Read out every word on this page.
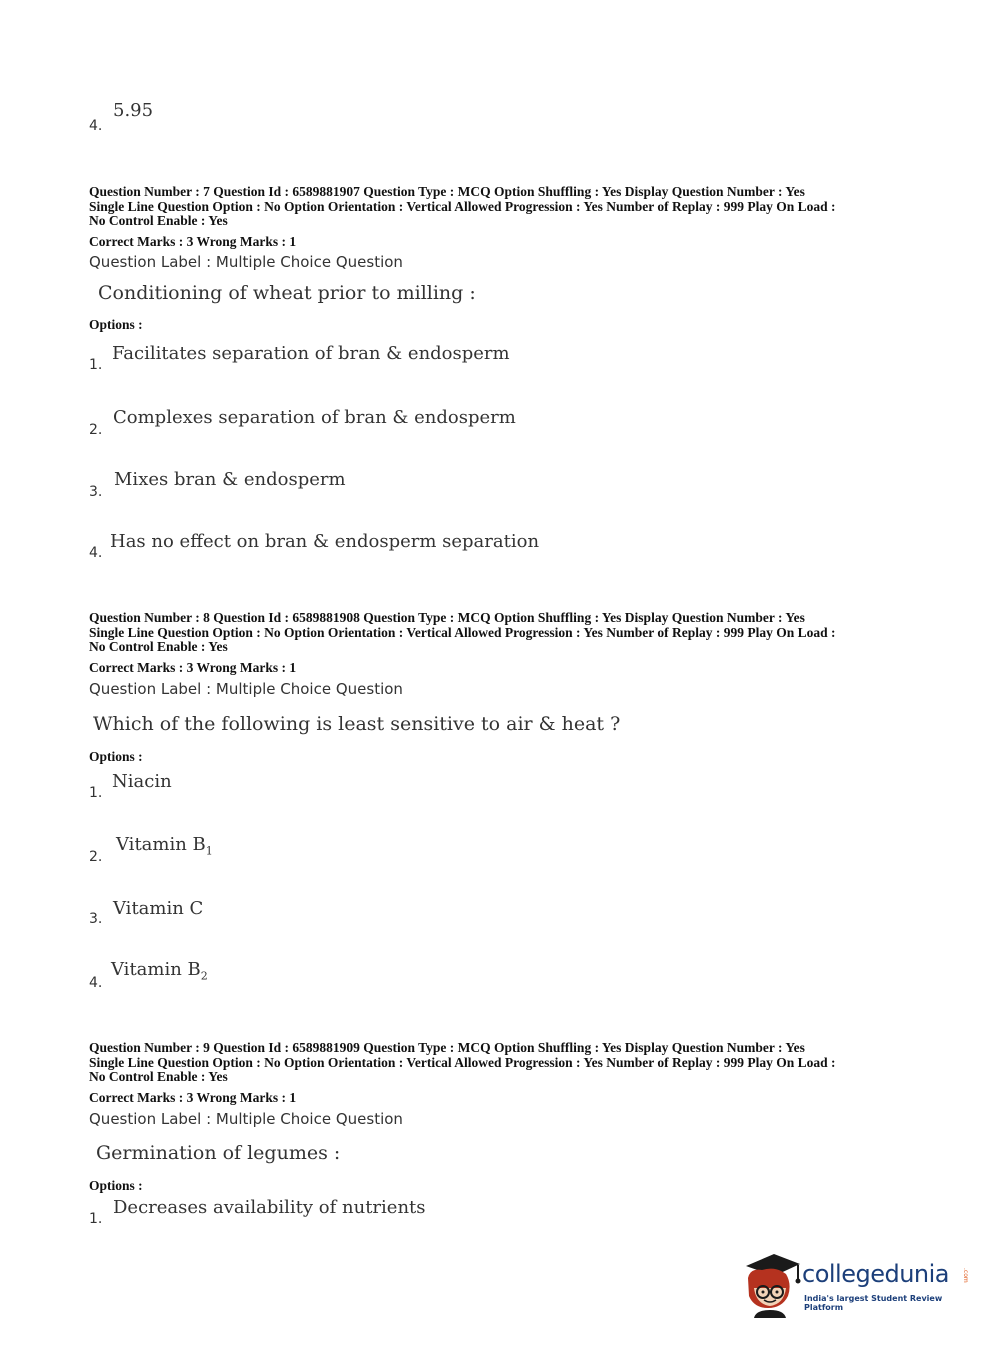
4.
5.95
Question Number : 7 Question Id : 6589881907 Question Type : MCQ Option Shuffling : Yes Display Question Number : Yes
Single Line Question Option : No Option Orientation : Vertical Allowed Progression : Yes Number of Replay : 999 Play On Load :
No Control Enable : Yes
Correct Marks : 3 Wrong Marks : 1
Question Label : Multiple Choice Question
Conditioning of wheat prior to milling :
Options :
1.
Facilitates separation of bran & endosperm
2.
Complexes separation of bran & endosperm
3.
Mixes bran & endosperm
4.
Has no effect on bran & endosperm separation
Question Number : 8 Question Id : 6589881908 Question Type : MCQ Option Shuffling : Yes Display Question Number : Yes
Single Line Question Option : No Option Orientation : Vertical Allowed Progression : Yes Number of Replay : 999 Play On Load :
No Control Enable : Yes
Correct Marks : 3 Wrong Marks : 1
Question Label : Multiple Choice Question
Which of the following is least sensitive to air & heat ?
Options :
1.
Niacin
2.
Vitamin $B_1$
3. Vitamin C
4.
Vitamin $B_2$
Question Number : 9 Question Id : 6589881909 Question Type : MCQ Option Shuffling : Yes Display Question Number : Yes
Single Line Question Option : No Option Orientation : Vertical Allowed Progression : Yes Number of Replay : 999 Play On Load :
No Control Enable : Yes
Correct Marks : 3 Wrong Marks : 1
Question Label : Multiple Choice Question
Germination of legumes :
Options :
1.
Decreases availability of nutrients
collegedunia .com
India's largest Student Review Platform
